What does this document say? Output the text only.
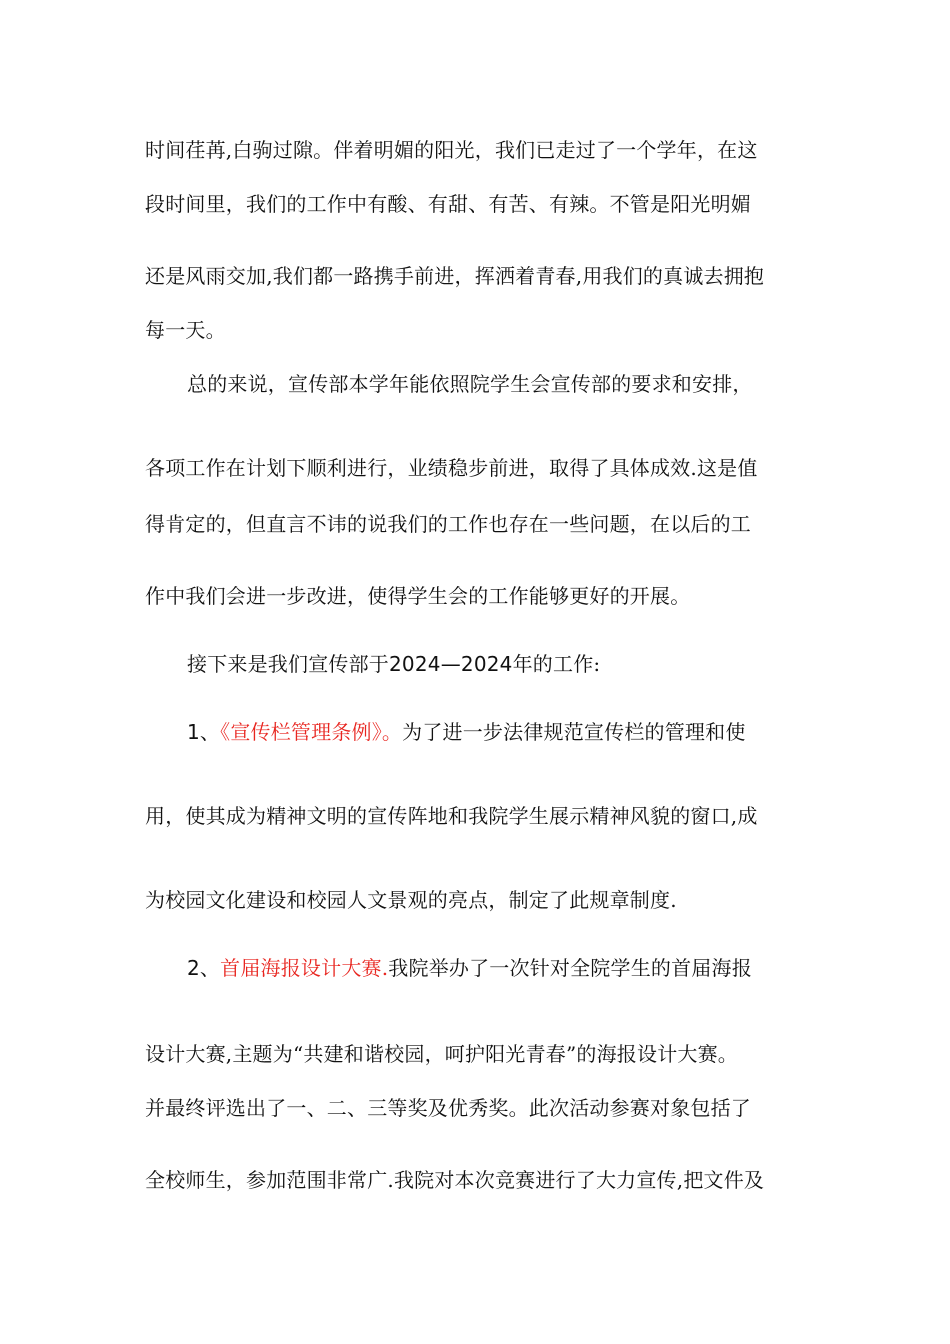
时间荏苒,白驹过隙。伴着明媚的阳光，我们已走过了一个学年，在这
段时间里，我们的工作中有酸、有甜、有苦、有辣。不管是阳光明媚
还是风雨交加,我们都一路携手前进，挥洒着青春,用我们的真诚去拥抱
每一天。
总的来说，宣传部本学年能依照院学生会宣传部的要求和安排，
各项工作在计划下顺利进行，业绩稳步前进，取得了具体成效.这是值
得肯定的，但直言不讳的说我们的工作也存在一些问题，在以后的工
作中我们会进一步改进，使得学生会的工作能够更好的开展。
接下来是我们宣传部于2024—2024年的工作:
1、《宣传栏管理条例》。为了进一步法律规范宣传栏的管理和使
用，使其成为精神文明的宣传阵地和我院学生展示精神风貌的窗口,成
为校园文化建设和校园人文景观的亮点，制定了此规章制度.
2、首届海报设计大赛.我院举办了一次针对全院学生的首届海报
设计大赛,主题为“共建和谐校园，呵护阳光青春”的海报设计大赛。
并最终评选出了一、二、三等奖及优秀奖。此次活动参赛对象包括了
全校师生，参加范围非常广.我院对本次竞赛进行了大力宣传,把文件及
